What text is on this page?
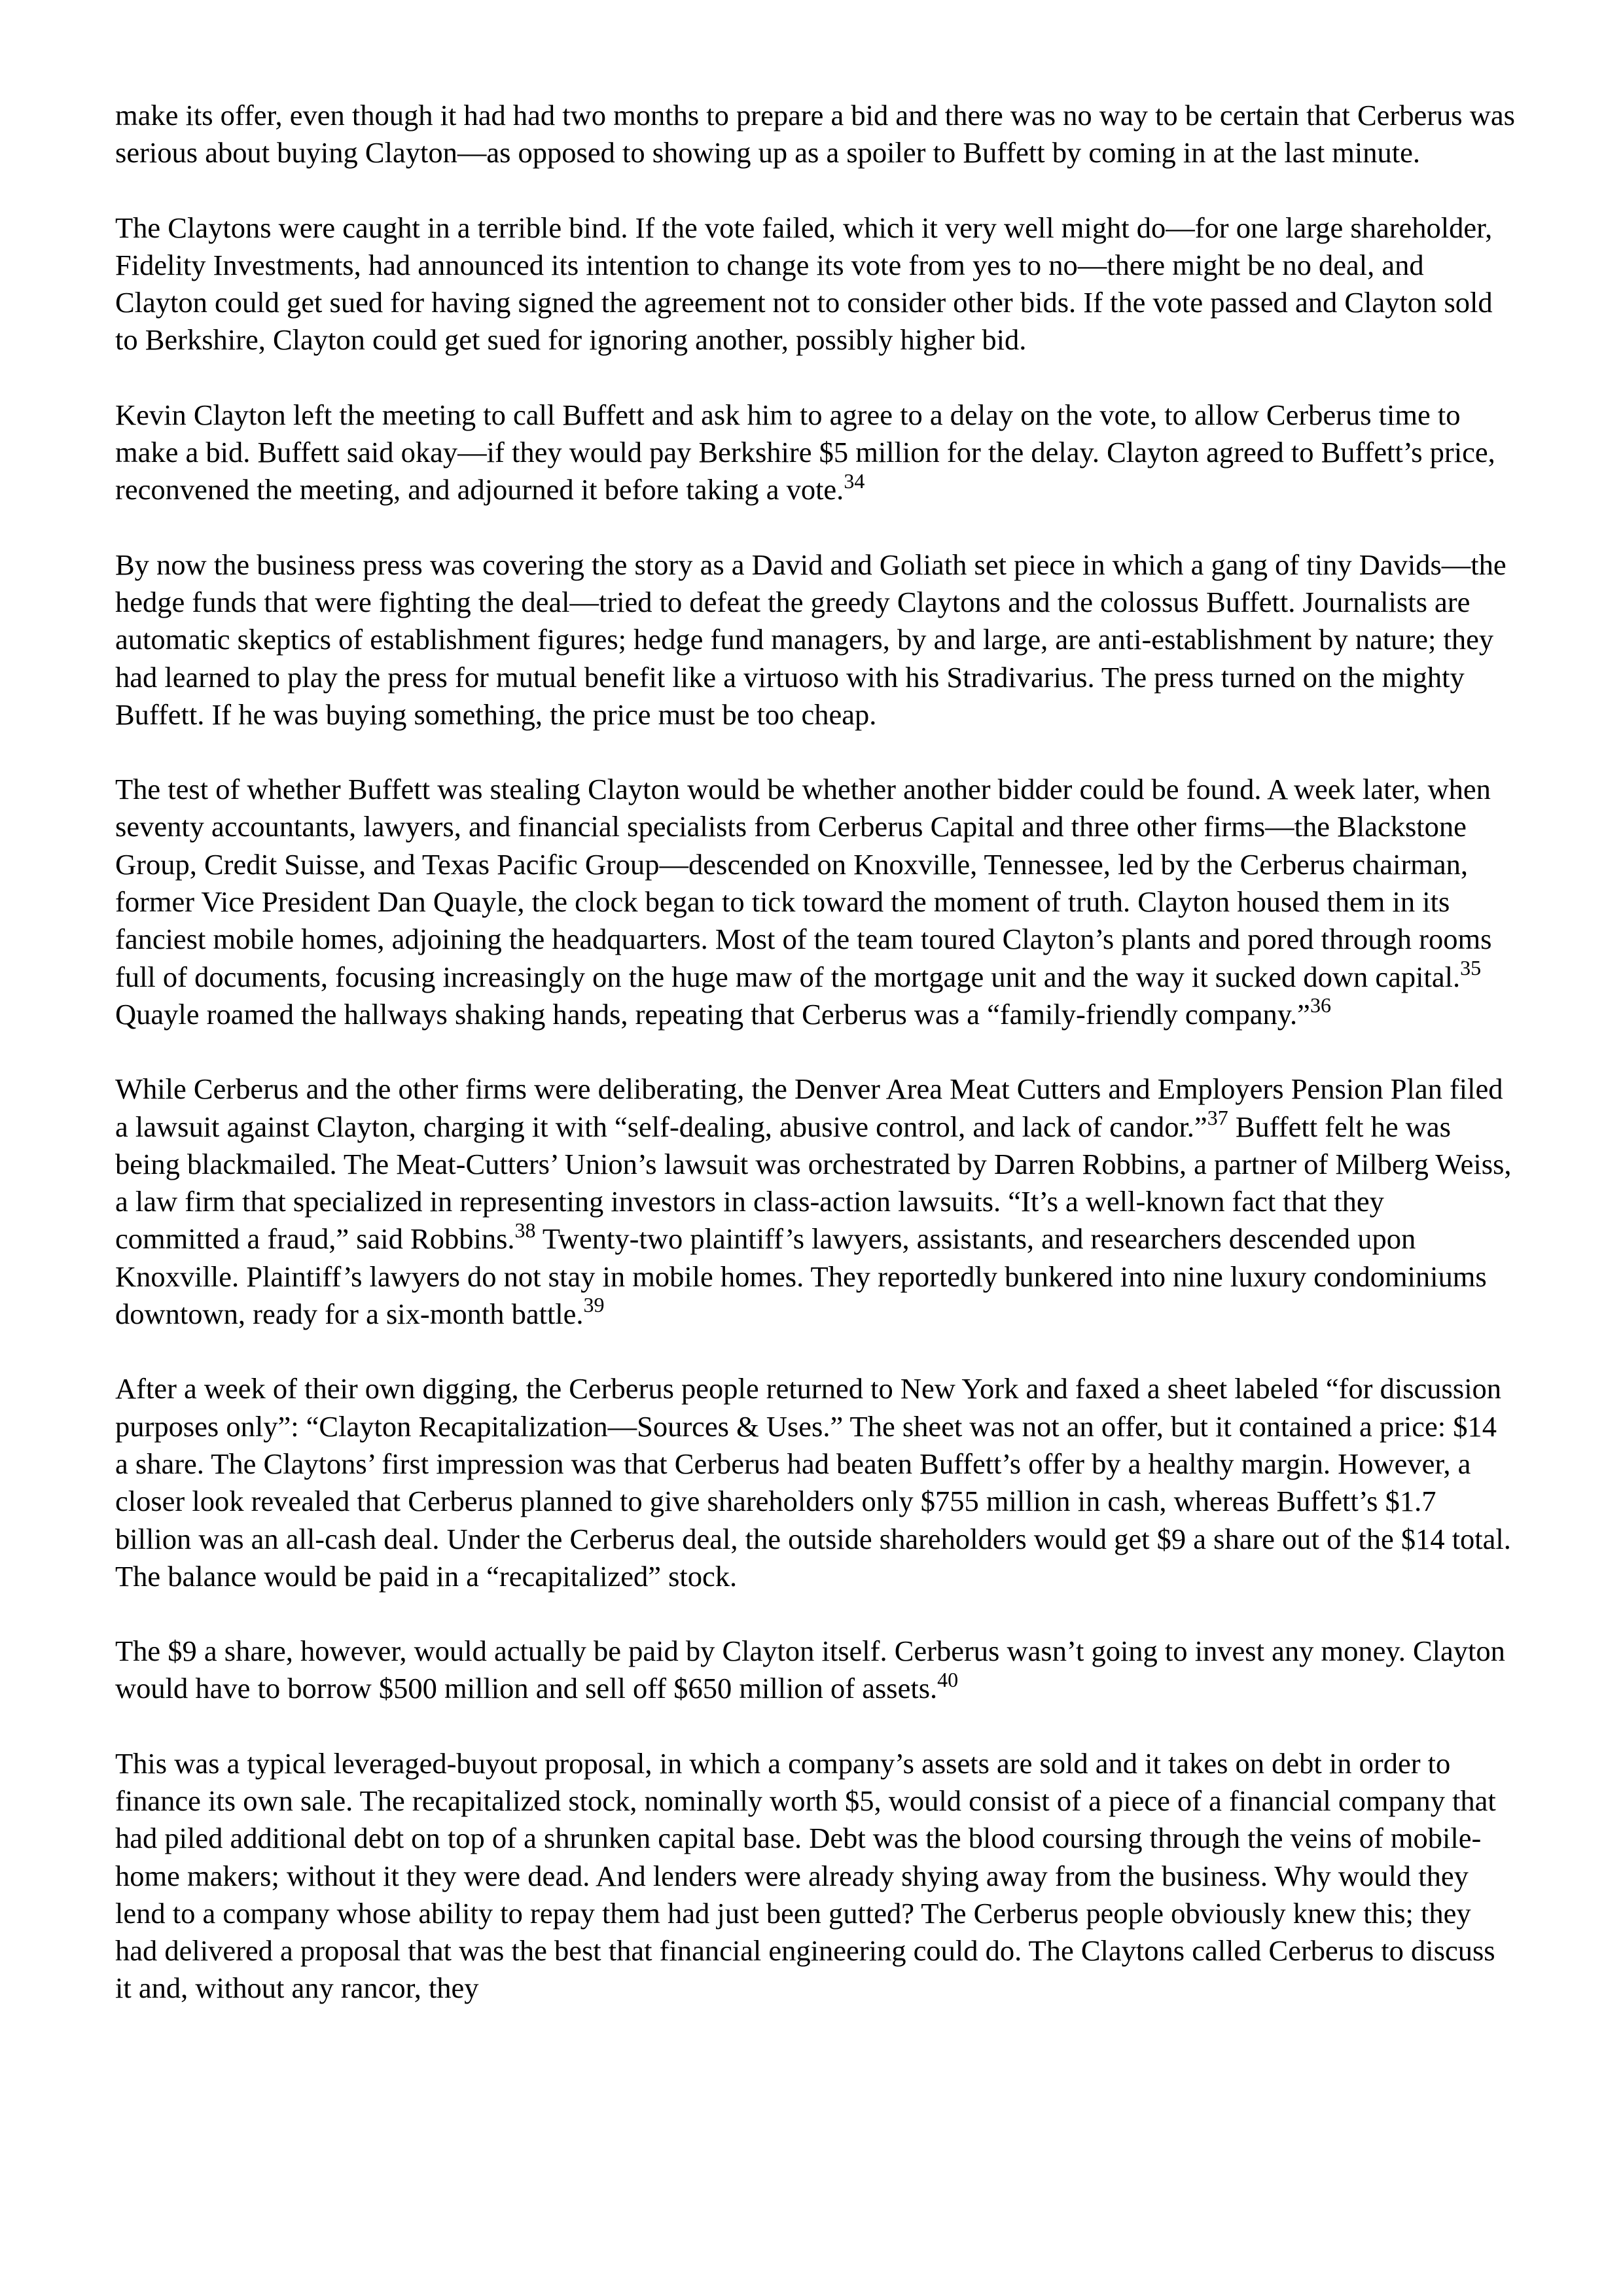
make its offer, even though it had had two months to prepare a bid and there was no way to be certain that Cerberus was serious about buying Clayton—as opposed to showing up as a spoiler to Buffett by coming in at the last minute.

The Claytons were caught in a terrible bind. If the vote failed, which it very well might do—for one large shareholder, Fidelity Investments, had announced its intention to change its vote from yes to no—there might be no deal, and Clayton could get sued for having signed the agreement not to consider other bids. If the vote passed and Clayton sold to Berkshire, Clayton could get sued for ignoring another, possibly higher bid.

Kevin Clayton left the meeting to call Buffett and ask him to agree to a delay on the vote, to allow Cerberus time to make a bid. Buffett said okay—if they would pay Berkshire $5 million for the delay. Clayton agreed to Buffett’s price, reconvened the meeting, and adjourned it before taking a vote.$^{34}$

By now the business press was covering the story as a David and Goliath set piece in which a gang of tiny Davids—the hedge funds that were fighting the deal—tried to defeat the greedy Claytons and the colossus Buffett. Journalists are automatic skeptics of establishment figures; hedge fund managers, by and large, are anti-establishment by nature; they had learned to play the press for mutual benefit like a virtuoso with his Stradivarius. The press turned on the mighty Buffett. If he was buying something, the price must be too cheap.

The test of whether Buffett was stealing Clayton would be whether another bidder could be found. A week later, when seventy accountants, lawyers, and financial specialists from Cerberus Capital and three other firms—the Blackstone Group, Credit Suisse, and Texas Pacific Group—descended on Knoxville, Tennessee, led by the Cerberus chairman, former Vice President Dan Quayle, the clock began to tick toward the moment of truth. Clayton housed them in its fanciest mobile homes, adjoining the headquarters. Most of the team toured Clayton’s plants and pored through rooms full of documents, focusing increasingly on the huge maw of the mortgage unit and the way it sucked down capital.$^{35}$ Quayle roamed the hallways shaking hands, repeating that Cerberus was a “family-friendly company.”$^{36}$

While Cerberus and the other firms were deliberating, the Denver Area Meat Cutters and Employers Pension Plan filed a lawsuit against Clayton, charging it with “self-dealing, abusive control, and lack of candor.”$^{37}$ Buffett felt he was being blackmailed. The Meat-Cutters’ Union’s lawsuit was orchestrated by Darren Robbins, a partner of Milberg Weiss, a law firm that specialized in representing investors in class-action lawsuits. “It’s a well-known fact that they committed a fraud,” said Robbins.$^{38}$ Twenty-two plaintiff’s lawyers, assistants, and researchers descended upon Knoxville. Plaintiff’s lawyers do not stay in mobile homes. They reportedly bunkered into nine luxury condominiums downtown, ready for a six-month battle.$^{39}$

After a week of their own digging, the Cerberus people returned to New York and faxed a sheet labeled “for discussion purposes only”: “Clayton Recapitalization—Sources & Uses.” The sheet was not an offer, but it contained a price: $14 a share. The Claytons’ first impression was that Cerberus had beaten Buffett’s offer by a healthy margin. However, a closer look revealed that Cerberus planned to give shareholders only $755 million in cash, whereas Buffett’s $1.7 billion was an all-cash deal. Under the Cerberus deal, the outside shareholders would get $9 a share out of the $14 total. The balance would be paid in a “recapitalized” stock.

The $9 a share, however, would actually be paid by Clayton itself. Cerberus wasn’t going to invest any money. Clayton would have to borrow $500 million and sell off $650 million of assets.$^{40}$

This was a typical leveraged-buyout proposal, in which a company’s assets are sold and it takes on debt in order to finance its own sale. The recapitalized stock, nominally worth $5, would consist of a piece of a financial company that had piled additional debt on top of a shrunken capital base. Debt was the blood coursing through the veins of mobile-home makers; without it they were dead. And lenders were already shying away from the business. Why would they lend to a company whose ability to repay them had just been gutted? The Cerberus people obviously knew this; they had delivered a proposal that was the best that financial engineering could do. The Claytons called Cerberus to discuss it and, without any rancor, they
